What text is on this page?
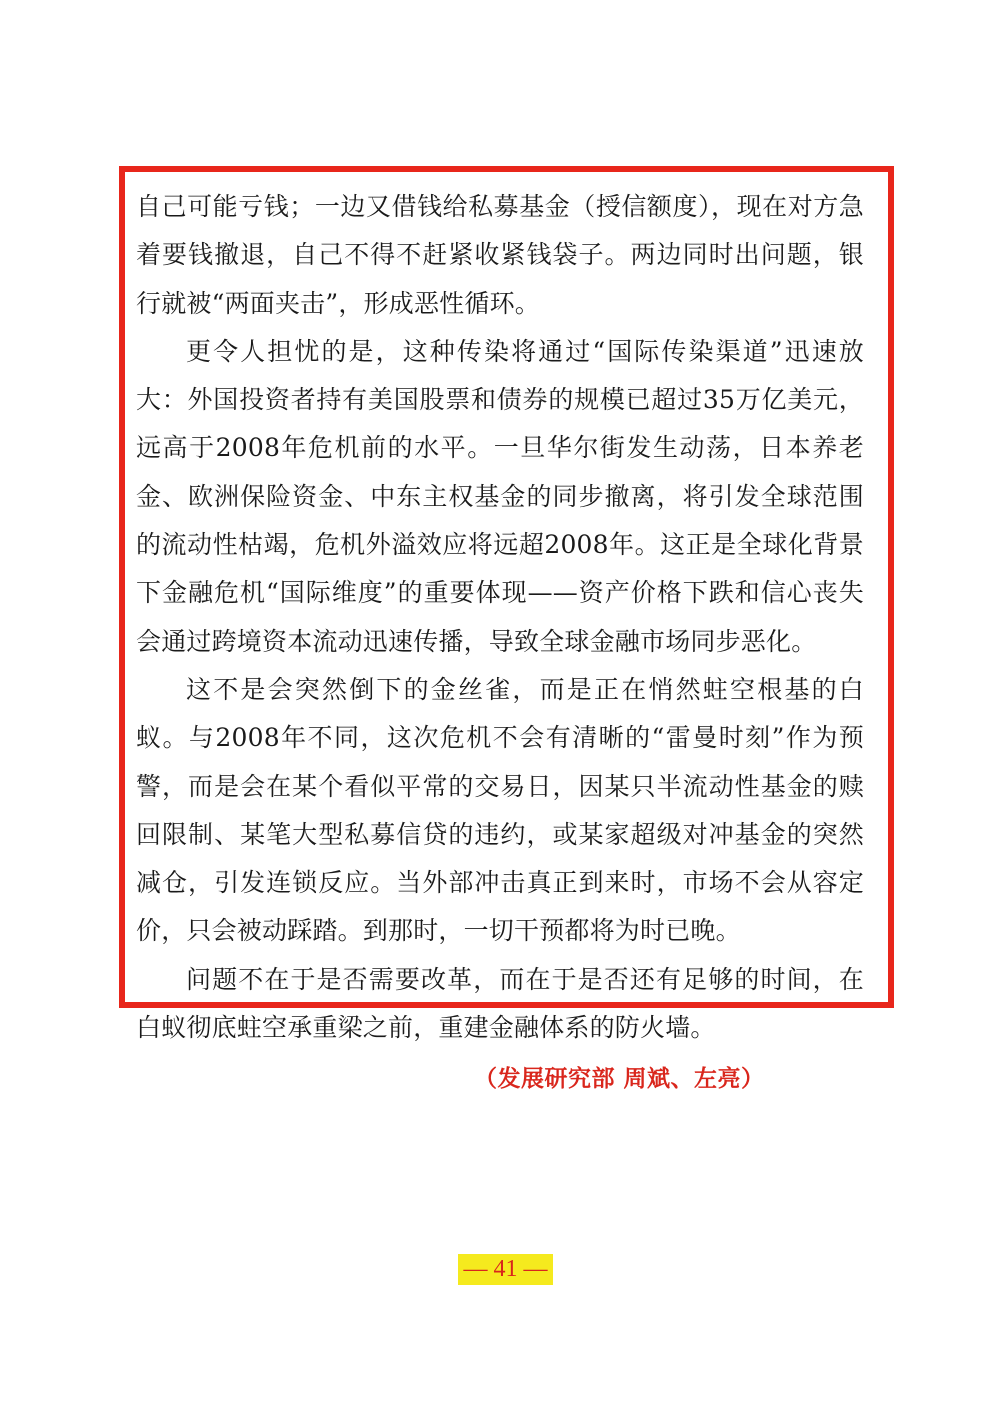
自己可能亏钱；一边又借钱给私募基金（授信额度），现在对方急着要钱撤退，自己不得不赶紧收紧钱袋子。两边同时出问题，银行就被“两面夹击”，形成恶性循环。

更令人担忧的是，这种传染将通过“国际传染渠道”迅速放大：外国投资者持有美国股票和债券的规模已超过35万亿美元，远高于2008年危机前的水平。一旦华尔街发生动荡，日本养老金、欧洲保险资金、中东主权基金的同步撤离，将引发全球范围的流动性枯竭，危机外溢效应将远超2008年。这正是全球化背景下金融危机“国际维度”的重要体现——资产价格下跌和信心丧失会通过跨境资本流动迅速传播，导致全球金融市场同步恶化。

这不是会突然倒下的金丝雀，而是正在悄然蛀空根基的白蚁。与2008年不同，这次危机不会有清晰的“雷曼时刻”作为预警，而是会在某个看似平常的交易日，因某只半流动性基金的赎回限制、某笔大型私募信贷的违约，或某家超级对冲基金的突然减仓，引发连锁反应。当外部冲击真正到来时，市场不会从容定价，只会被动踩踏。到那时，一切干预都将为时已晚。

问题不在于是否需要改革，而在于是否还有足够的时间，在白蚁彻底蛀空承重梁之前，重建金融体系的防火墙。

（发展研究部 周斌、左亮）
— 41 —
